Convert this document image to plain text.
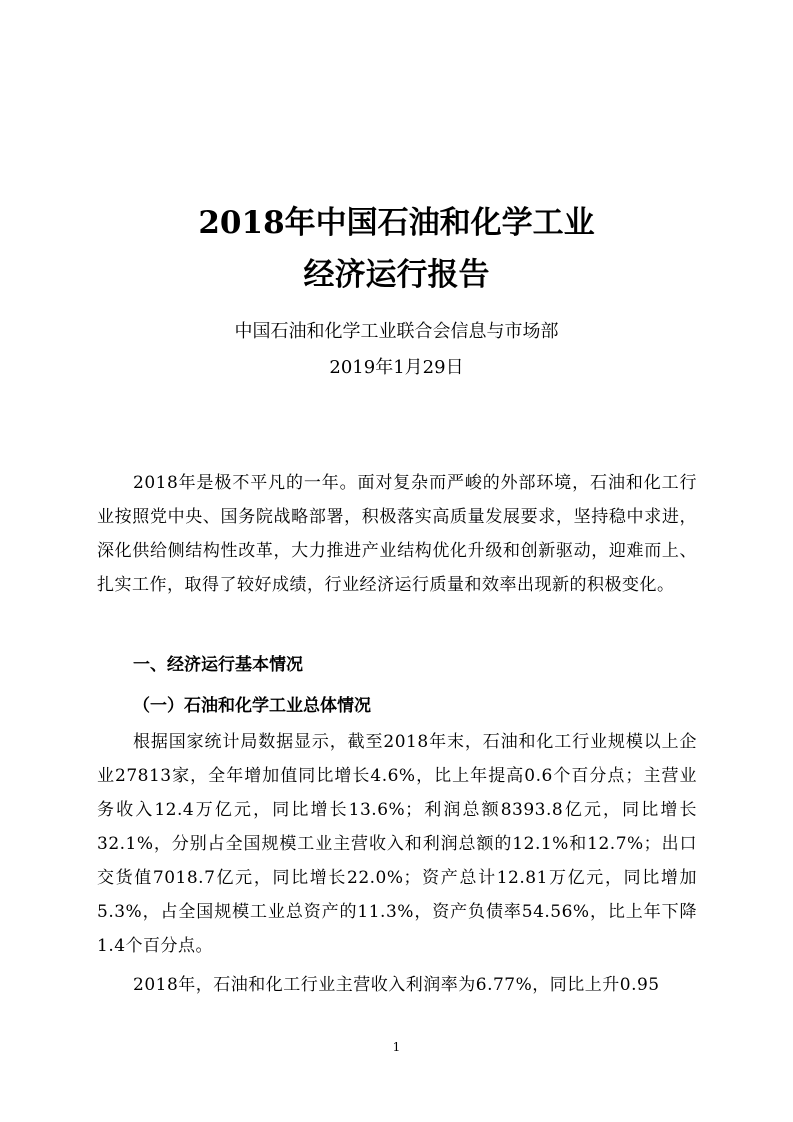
2018年中国石油和化学工业
经济运行报告
中国石油和化学工业联合会信息与市场部
2019年1月29日
2018年是极不平凡的一年。面对复杂而严峻的外部环境，石油和化工行业按照党中央、国务院战略部署，积极落实高质量发展要求，坚持稳中求进，深化供给侧结构性改革，大力推进产业结构优化升级和创新驱动，迎难而上、扎实工作，取得了较好成绩，行业经济运行质量和效率出现新的积极变化。
一、经济运行基本情况
（一）石油和化学工业总体情况
根据国家统计局数据显示，截至2018年末，石油和化工行业规模以上企业27813家，全年增加值同比增长4.6%，比上年提高0.6个百分点；主营业务收入12.4万亿元，同比增长13.6%；利润总额8393.8亿元，同比增长32.1%，分别占全国规模工业主营收入和利润总额的12.1%和12.7%；出口交货值7018.7亿元，同比增长22.0%；资产总计12.81万亿元，同比增加5.3%，占全国规模工业总资产的11.3%，资产负债率54.56%，比上年下降1.4个百分点。
2018年，石油和化工行业主营收入利润率为6.77%，同比上升0.95
1
